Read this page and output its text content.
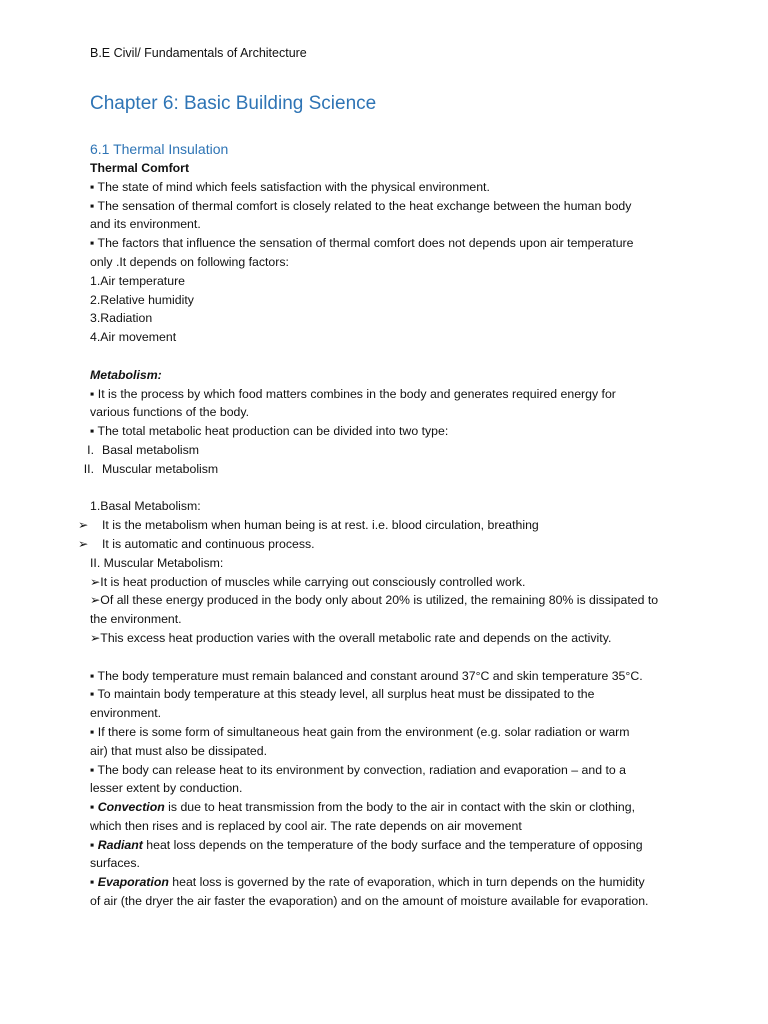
B.E Civil/ Fundamentals of Architecture
Chapter 6: Basic Building Science
6.1 Thermal Insulation
Thermal Comfort
▪ The state of mind which feels satisfaction with the physical environment.
▪ The sensation of thermal comfort is closely related to the heat exchange between the human body
and its environment.
▪ The factors that influence the sensation of thermal comfort does not depends upon air temperature
only .It depends on following factors:
1.Air temperature
2.Relative humidity
3.Radiation
4.Air movement
Metabolism:
▪ It is the process by which food matters combines in the body and generates required energy for
various functions of the body.
▪ The total metabolic heat production can be divided into two type:
I. Basal metabolism
II. Muscular metabolism
1.Basal Metabolism:
➢ It is the metabolism when human being is at rest. i.e. blood circulation, breathing
➢ It is automatic and continuous process.
II. Muscular Metabolism:
➢It is heat production of muscles while carrying out consciously controlled work.
➢Of all these energy produced in the body only about 20% is utilized, the remaining 80% is dissipated to
the environment.
➢This excess heat production varies with the overall metabolic rate and depends on the activity.
▪ The body temperature must remain balanced and constant around 37°C and skin temperature 35°C.
▪ To maintain body temperature at this steady level, all surplus heat must be dissipated to the
environment.
▪ If there is some form of simultaneous heat gain from the environment (e.g. solar radiation or warm
air) that must also be dissipated.
▪ The body can release heat to its environment by convection, radiation and evaporation – and to a
lesser extent by conduction.
▪ Convection is due to heat transmission from the body to the air in contact with the skin or clothing,
which then rises and is replaced by cool air. The rate depends on air movement
▪ Radiant heat loss depends on the temperature of the body surface and the temperature of opposing
surfaces.
▪ Evaporation heat loss is governed by the rate of evaporation, which in turn depends on the humidity
of air (the dryer the air faster the evaporation) and on the amount of moisture available for evaporation.
